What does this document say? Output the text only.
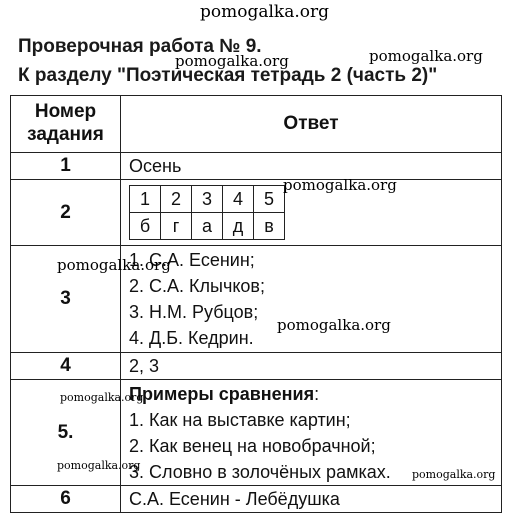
pomogalka.org
Проверочная работа № 9.
pomogalka.org	pomogalka.org
К разделу "Поэтическая тетрадь 2 (часть 2)"
Номер
задания	Ответ
1	Осень

2	
1	2	3	4	5
б	г	а	д	в

3	
1. С.А. Есенин;
2. С.А. Клычков;
3. Н.М. Рубцов;
4. Д.Б. Кедрин.

4	2, 3

5.	
Примеры сравнения:
1. Как на выставке картин;
2. Как венец на новобрачной;
3. Словно в золочёных рамках.

6	С.А. Есенин - Лебёдушка
pomogalka.org
pomogalka.org
pomogalka.org
pomogalka.org
pomogalka.org
pomogalka.org
